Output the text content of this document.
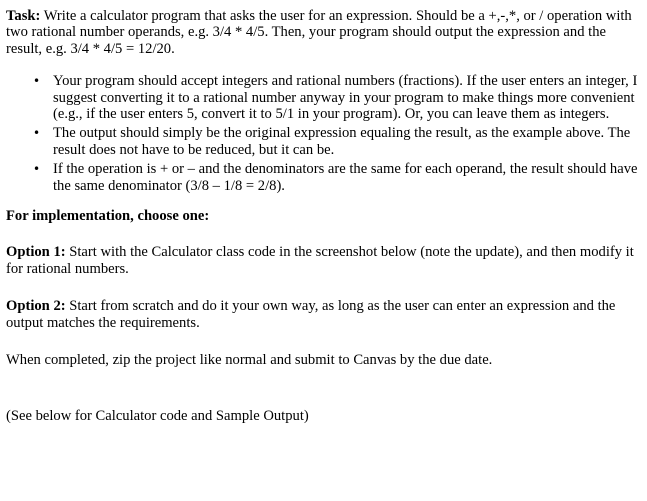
Task: Write a calculator program that asks the user for an expression. Should be a +,-,*, or / operation with two rational number operands, e.g. 3/4 * 4/5. Then, your program should output the expression and the result, e.g. 3/4 * 4/5 = 12/20.

• Your program should accept integers and rational numbers (fractions). If the user enters an integer, I suggest converting it to a rational number anyway in your program to make things more convenient (e.g., if the user enters 5, convert it to 5/1 in your program). Or, you can leave them as integers.
• The output should simply be the original expression equaling the result, as the example above. The result does not have to be reduced, but it can be.
• If the operation is + or – and the denominators are the same for each operand, the result should have the same denominator (3/8 – 1/8 = 2/8).

For implementation, choose one:

Option 1: Start with the Calculator class code in the screenshot below (note the update), and then modify it for rational numbers.

Option 2: Start from scratch and do it your own way, as long as the user can enter an expression and the output matches the requirements.

When completed, zip the project like normal and submit to Canvas by the due date.

(See below for Calculator code and Sample Output)
